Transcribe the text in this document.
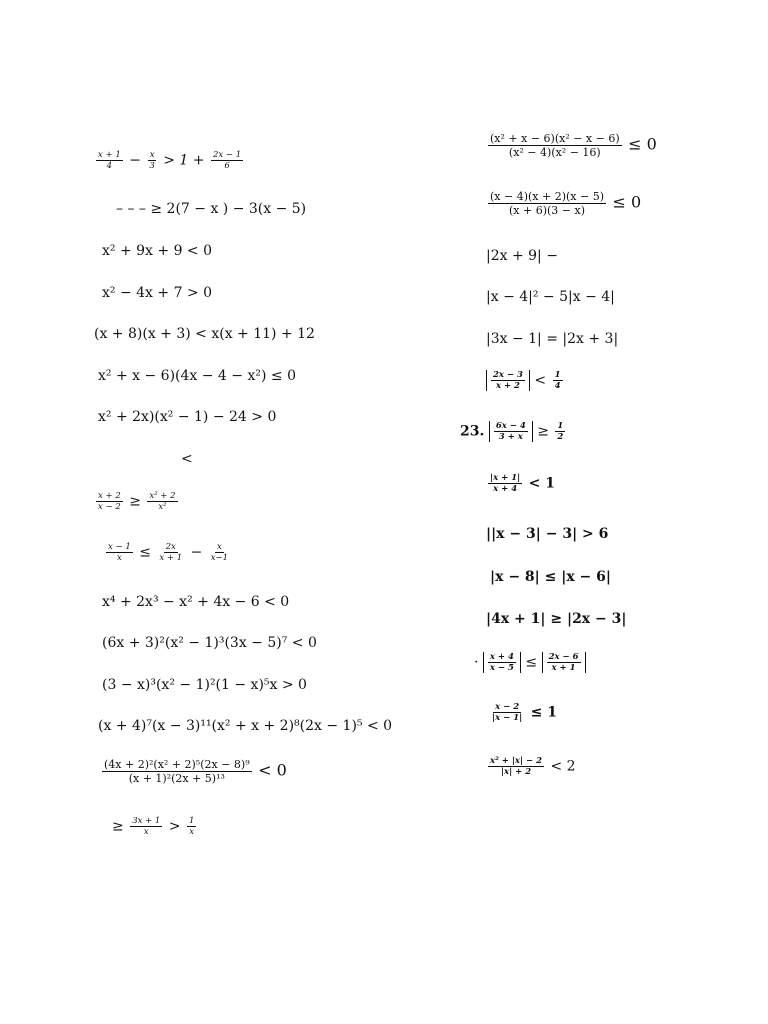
$\frac{x + 1}{4} - \frac{x}{3} > 1 + \frac{2x - 1}{6}$
– – – ≥ 2(7 − x ) − 3(x − 5)
x² + 9x + 9 < 0
x² − 4x + 7 > 0
(x + 8)(x + 3) < x(x + 11) + 12
x² + x − 6)(4x − 4 − x²) ≤ 0
x² + 2x)(x² − 1) − 24 > 0
<
$\frac{x + 2}{x - 2} \ge \frac{\text{x² + 2}}{\text{x²}}$
$\frac{x - 1}{x} \le \frac{2x}{x + 1} - \frac{x}{x-1}$
x⁴ + 2x³ − x² + 4x − 6 < 0
(6x + 3)²(x² − 1)³(3x − 5)⁷ < 0
(3 − x)³(x² − 1)²(1 − x)⁵x > 0
(x + 4)⁷(x − 3)¹¹(x² + x + 2)⁸(2x − 1)⁵ < 0
$\frac{\text{(4x + 2)²(x² + 2)⁵(2x − 8)⁹}}{\text{(x + 1)²(2x + 5)¹³}} < 0$
≥ $\frac{3x + 1}{x} > \frac{1}{x}$
$\frac{\text{(x² + x − 6)(x² − x − 6)}}{\text{(x² − 4)(x² − 16)}} \le 0$
$\frac{(x - 4)(x + 2)(x - 5)}{(x + 6)(3 - x)} \le 0$
|2x + 9| −
|x − 4|² − 5|x − 4|
|3x − 1| = |2x + 3|
$\frac{2x - 3}{x + 2} < \frac{1}{4}$
23. $\frac{6x - 4}{3 + x} \ge \frac{1}{2}$
$\frac{|x + 1|}{x + 4} < 1$
||x − 3| − 3| > 6
|x − 8| ≤ |x − 6|
|4x + 1| ≥ |2x − 3|
· $\frac{x + 4}{x - 5} \le \frac{2x - 6}{x + 1}$
$\frac{x - 2}{|x - 1|} \le 1$
$\frac{\text{x² + |x| − 2}}{|x| + 2} < 2$
